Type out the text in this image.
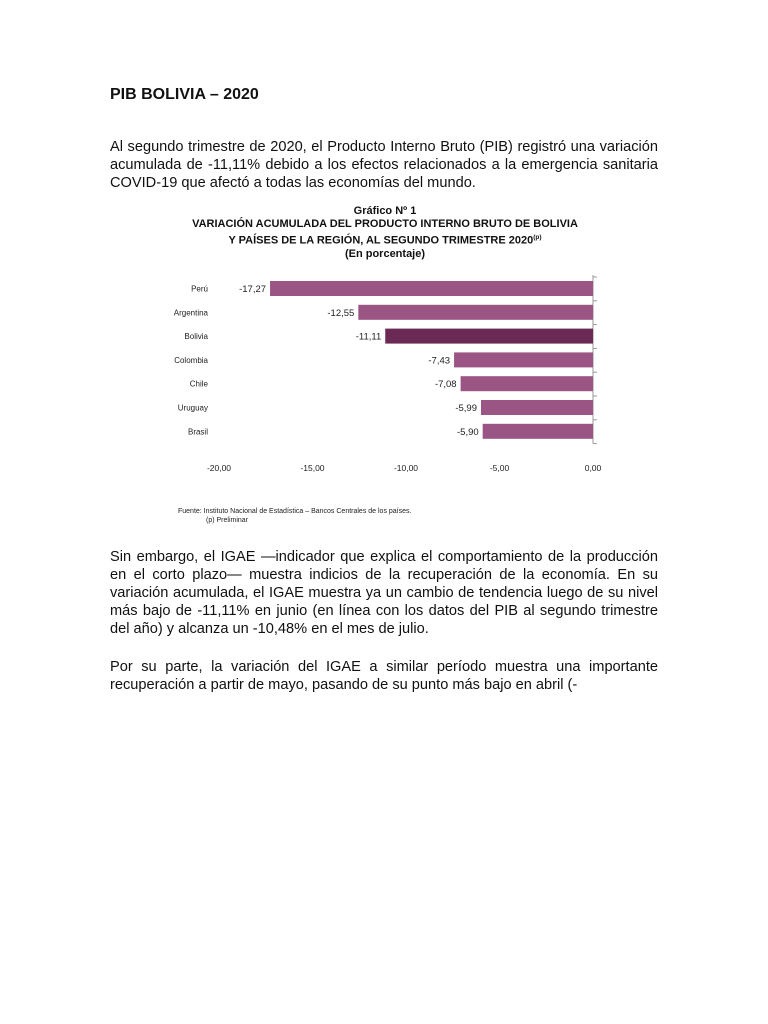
PIB BOLIVIA – 2020

Al segundo trimestre de 2020, el Producto Interno Bruto (PIB) registró una variación acumulada de -11,11% debido a los efectos relacionados a la emergencia sanitaria COVID-19 que afectó a todas las economías del mundo.

Gráfico Nº 1
VARIACIÓN ACUMULADA DEL PRODUCTO INTERNO BRUTO DE BOLIVIA
Y PAÍSES DE LA REGIÓN, AL SEGUNDO TRIMESTRE 2020$^{(p)}$
(En porcentaje)
Perú	-17,27
Argentina	-12,55
Bolivia	-11,11
Colombia	-7,43
Chile	-7,08
Uruguay	-5,99
Brasil	-5,90
-20,00	-15,00	-10,00	-5,00	0,00
Fuente: Instituto Nacional de Estadística – Bancos Centrales de los países.
(p) Preliminar

Sin embargo, el IGAE —indicador que explica el comportamiento de la producción en el corto plazo— muestra indicios de la recuperación de la economía. En su variación acumulada, el IGAE muestra ya un cambio de tendencia luego de su nivel más bajo de -11,11% en junio (en línea con los datos del PIB al segundo trimestre del año) y alcanza un -10,48% en el mes de julio.

Por su parte, la variación del IGAE a similar período muestra una importante recuperación a partir de mayo, pasando de su punto más bajo en abril (-
